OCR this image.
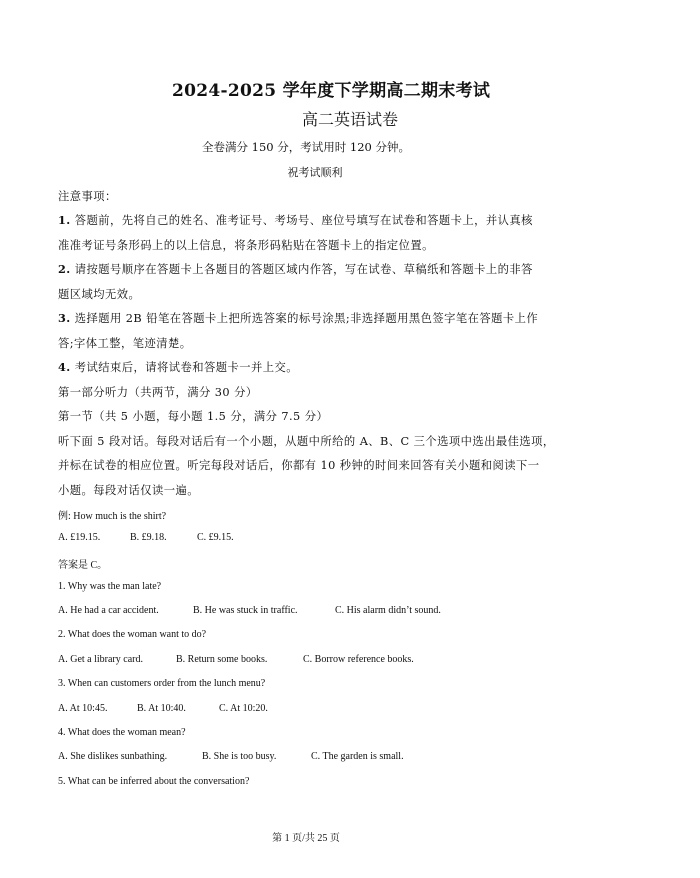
2024-2025 学年度下学期高二期末考试
高二英语试卷
全卷满分 150 分，考试用时 120 分钟。
祝考试顺利
注意事项：
1. 答题前，先将自己的姓名、准考证号、考场号、座位号填写在试卷和答题卡上，并认真核
准准考证号条形码上的以上信息，将条形码粘贴在答题卡上的指定位置。
2. 请按题号顺序在答题卡上各题目的答题区域内作答，写在试卷、草稿纸和答题卡上的非答
题区域均无效。
3. 选择题用 2B 铅笔在答题卡上把所选答案的标号涂黑;非选择题用黑色签字笔在答题卡上作
答;字体工整，笔迹清楚。
4. 考试结束后，请将试卷和答题卡一并上交。
第一部分听力（共两节，满分 30 分）
第一节（共 5 小题，每小题 1.5 分，满分 7.5 分）
听下面 5 段对话。每段对话后有一个小题，从题中所给的 A、B、C 三个选项中选出最佳选项，
并标在试卷的相应位置。听完每段对话后，你都有 10 秒钟的时间来回答有关小题和阅读下一
小题。每段对话仅读一遍。
例: How much is the shirt?
A. £19.15.	B. £9.18.	C. £9.15.
答案是 C。
1. Why was the man late?
A. He had a car accident.	B. He was stuck in traffic.	C. His alarm didn’t sound.
2. What does the woman want to do?
A. Get a library card.	B. Return some books.	C. Borrow reference books.
3. When can customers order from the lunch menu?
A. At 10:45.	B. At 10:40.	C. At 10:20.
4. What does the woman mean?
A. She dislikes sunbathing.	B. She is too busy.	C. The garden is small.
5. What can be inferred about the conversation?
第 1 页/共 25 页
